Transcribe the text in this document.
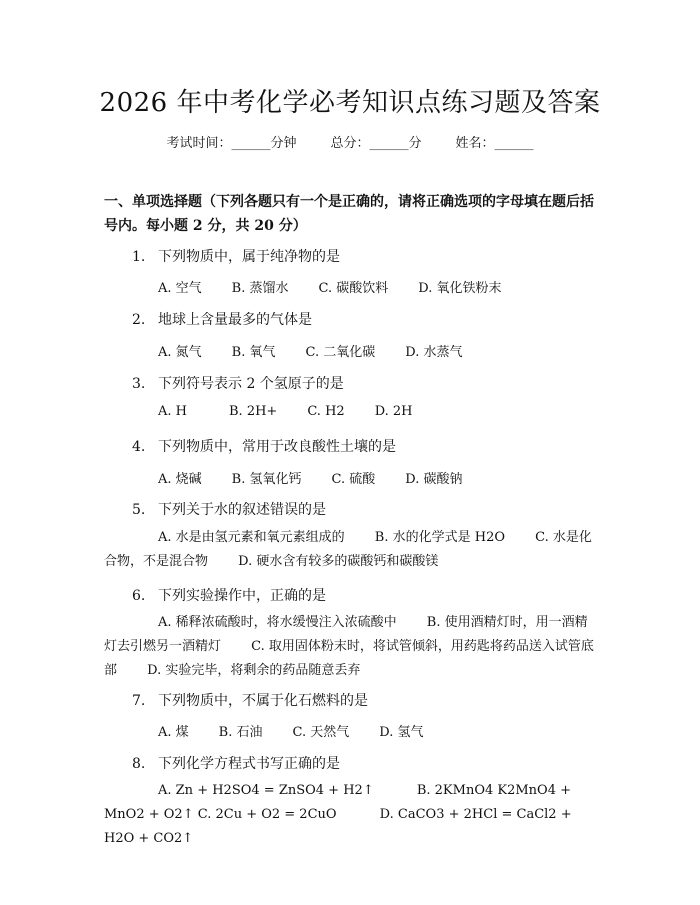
2026 年中考化学必考知识点练习题及答案
考试时间：______分钟	总分：______分	姓名：______
一、单项选择题（下列各题只有一个是正确的，请将正确选项的字母填在题后括号内。每小题 2 分，共 20 分）
1. 下列物质中，属于纯净物的是
A. 空气 B. 蒸馏水 C. 碳酸饮料 D. 氧化铁粉末
2. 地球上含量最多的气体是
A. 氮气 B. 氧气 C. 二氧化碳 D. 水蒸气
3. 下列符号表示 2 个氢原子的是
A. H	B. 2H+ C. H2 D. 2H
4. 下列物质中，常用于改良酸性土壤的是
A. 烧碱 B. 氢氧化钙 C. 硫酸 D. 碳酸钠
5. 下列关于水的叙述错误的是
A. 水是由氢元素和氧元素组成的　　 B. 水的化学式是 H2O　　 C. 水是化合物，不是混合物　　 D. 硬水含有较多的碳酸钙和碳酸镁
6. 下列实验操作中，正确的是
A. 稀释浓硫酸时，将水缓慢注入浓硫酸中　　 B. 使用酒精灯时，用一酒精灯去引燃另一酒精灯　　 C. 取用固体粉末时，将试管倾斜，用药匙将药品送入试管底部　　 D. 实验完毕，将剩余的药品随意丢弃
7. 下列物质中，不属于化石燃料的是
A. 煤 B. 石油 C. 天然气 D. 氢气
8. 下列化学方程式书写正确的是
A. Zn + H2SO4 = ZnSO4 + H2↑　　　 B. 2KMnO4 K2MnO4 + MnO2 + O2↑ C. 2Cu + O2 = 2CuO　　　 D. CaCO3 + 2HCl = CaCl2 + H2O + CO2↑
